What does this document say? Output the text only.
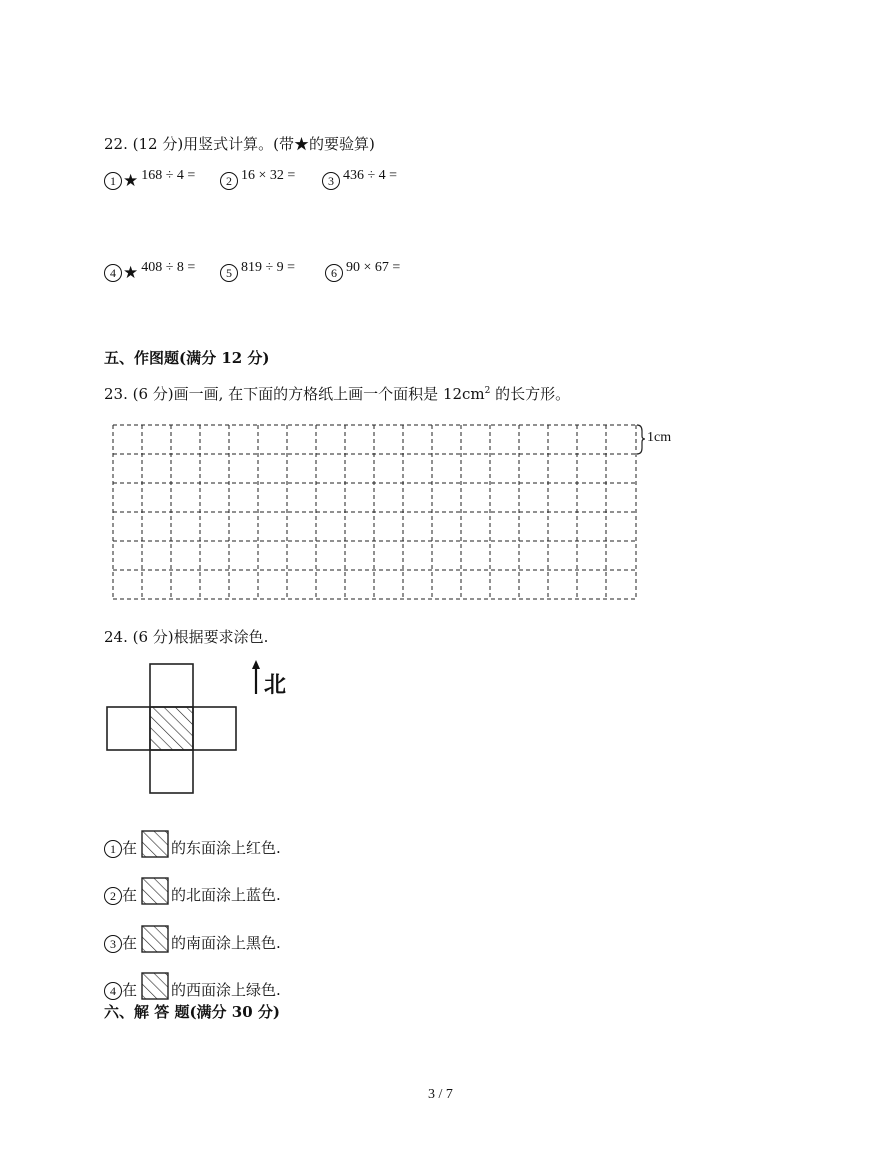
22. (12 分)用竖式计算。(带★的要验算)
1 ★ 168 ÷ 4 =	2 16 × 32 =	3 436 ÷ 4 =
4 ★ 408 ÷ 8 =	5 819 ÷ 9 =	6 90 × 67 =
五、作图题(满分 12 分)
23. (6 分)画一画, 在下面的方格纸上画一个面积是 $12cm^2$ 的长方形。
1cm
24. (6 分)根据要求涂色.
北
1 在 的东面涂上红色.
2 在 的北面涂上蓝色.
3 在 的南面涂上黑色.
4 在 的西面涂上绿色.
六、解 答 题(满分 30 分)
3 / 7
